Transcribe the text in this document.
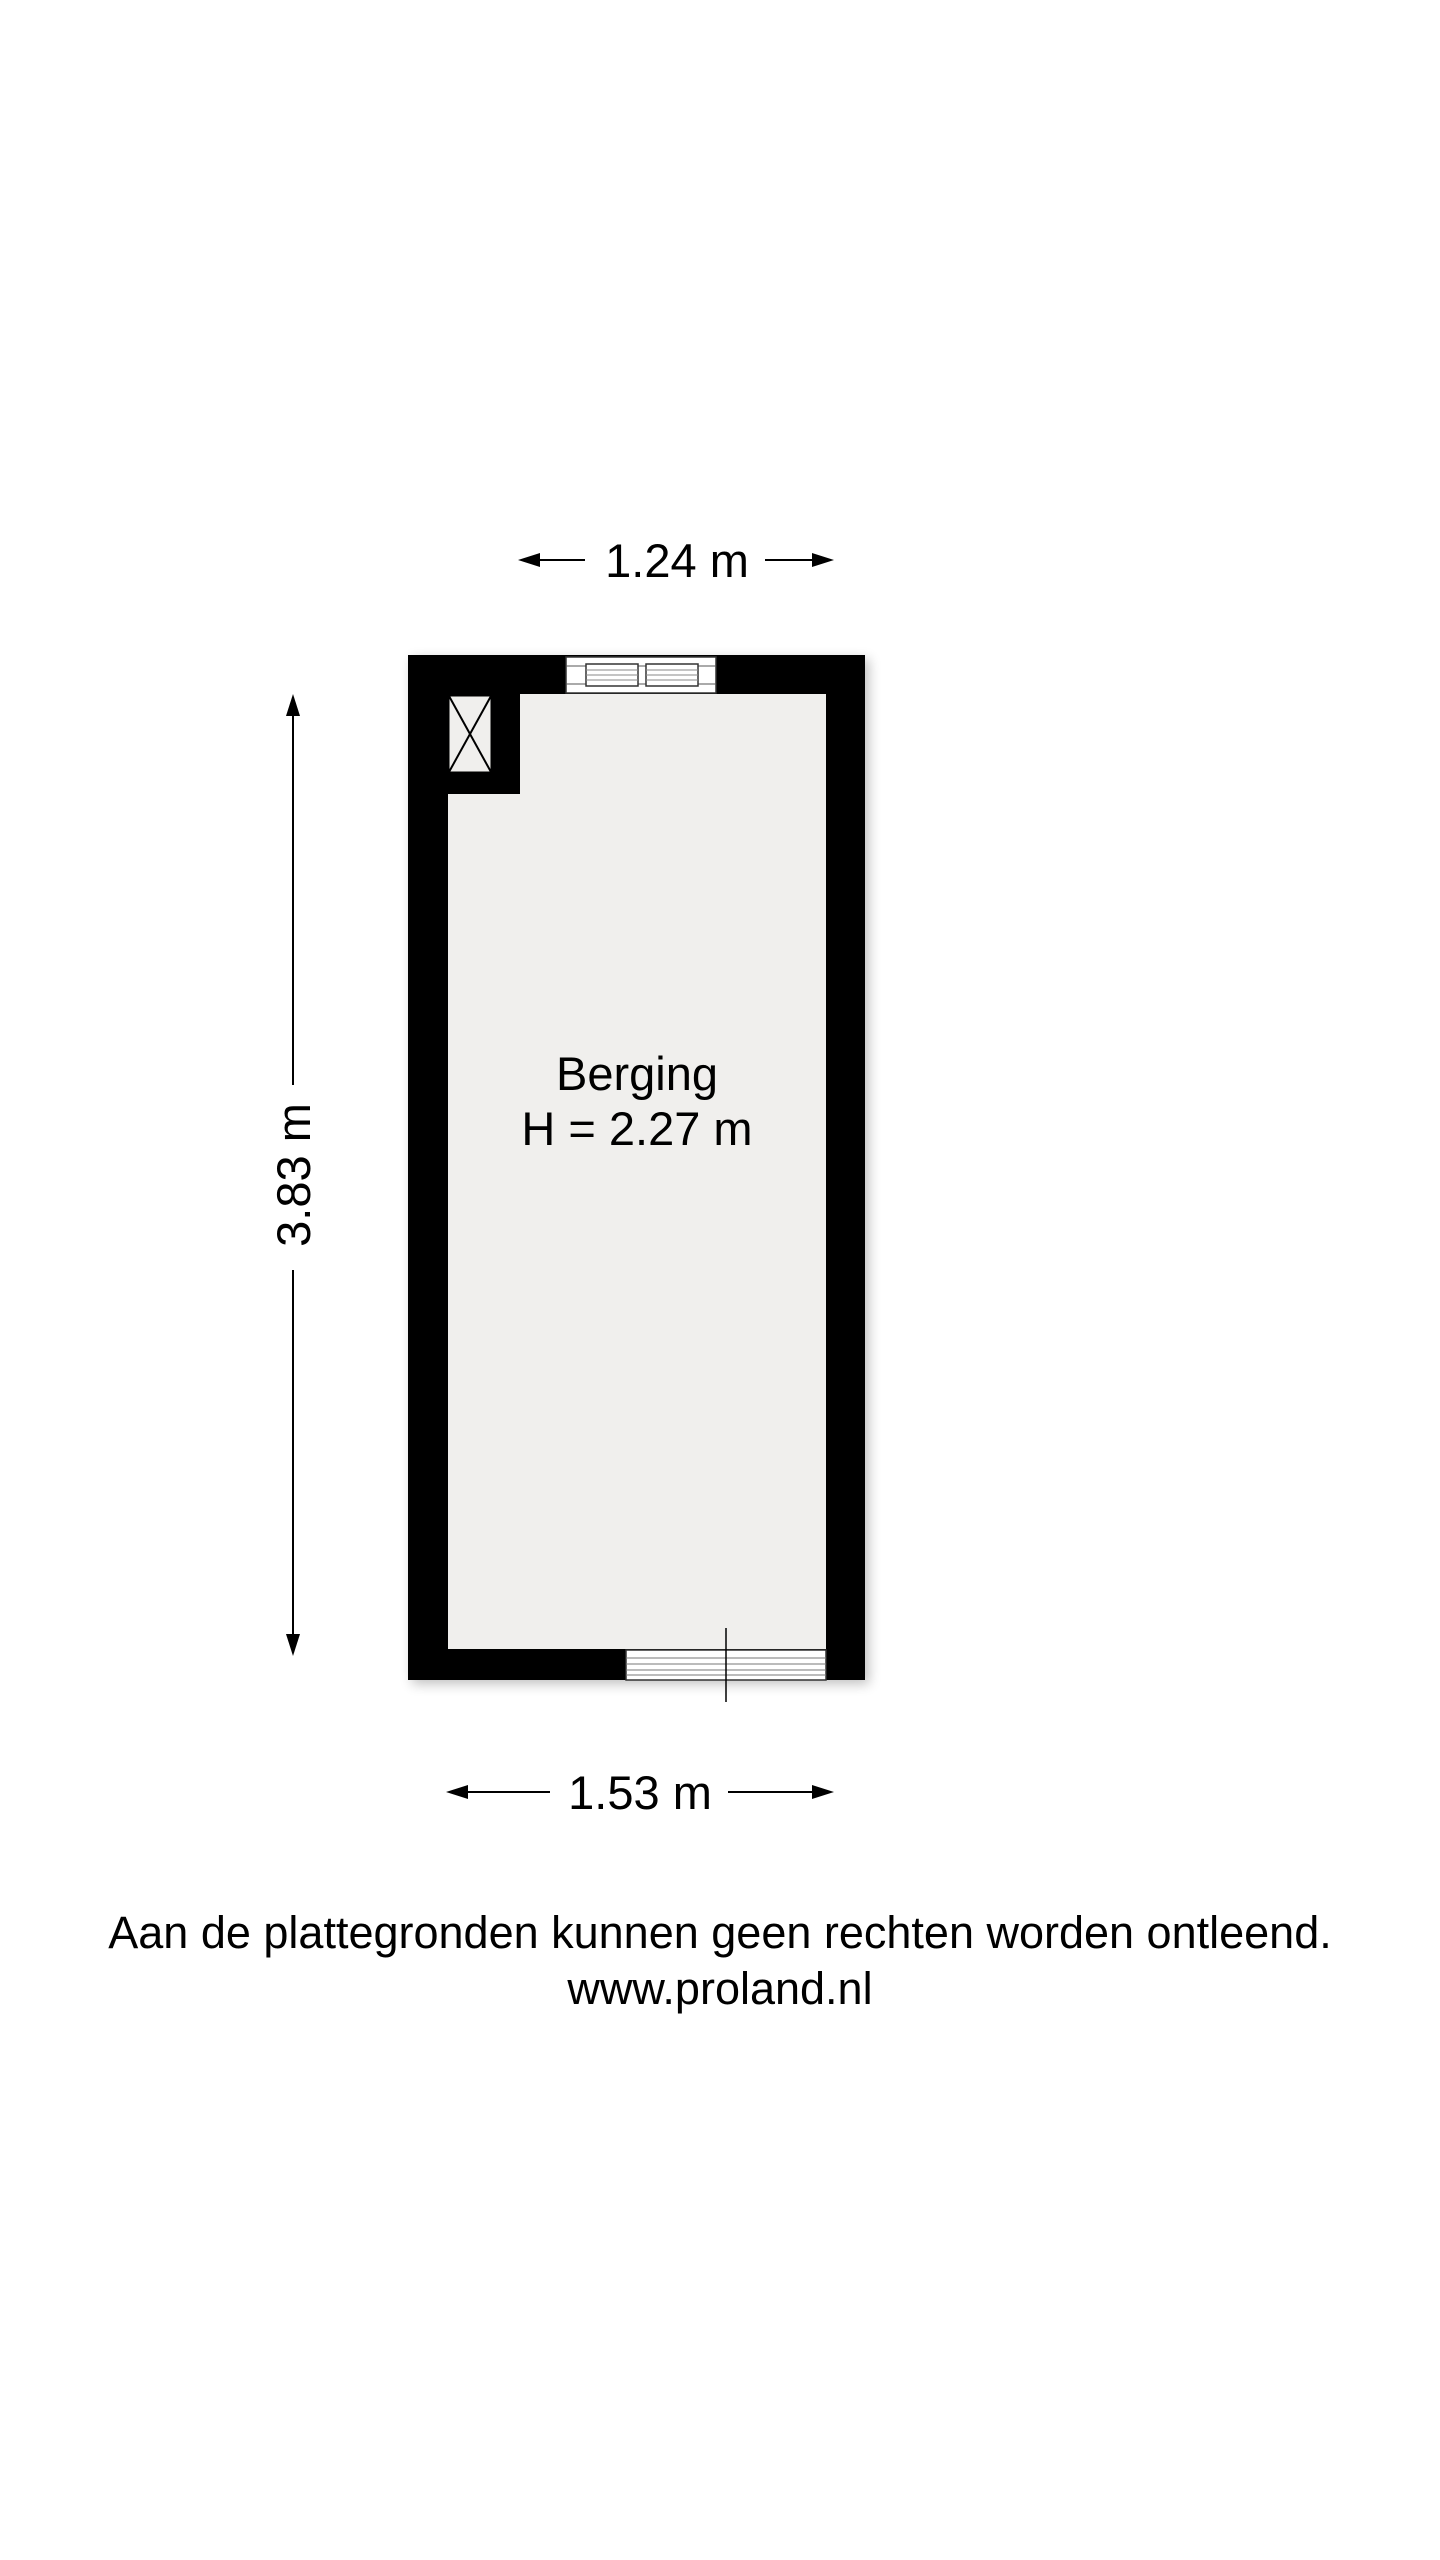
1.24 m
1.53 m
3.83 m
Berging
H = 2.27 m
Aan de plattegronden kunnen geen rechten worden ontleend.
www.proland.nl
